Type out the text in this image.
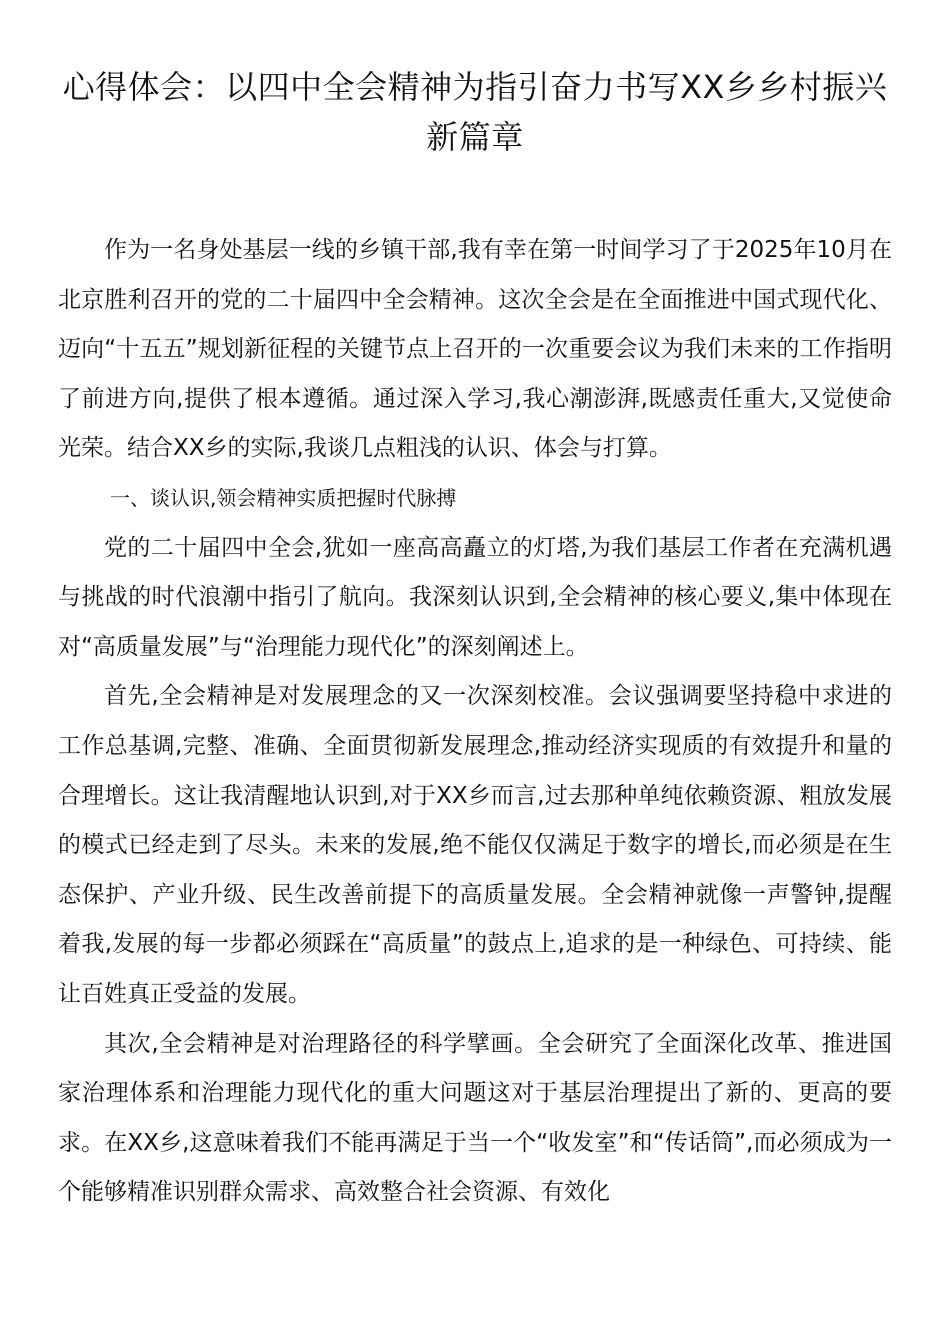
心得体会：以四中全会精神为指引奋力书写XX乡乡村振兴新篇章

作为一名身处基层一线的乡镇干部,我有幸在第一时间学习了于2025年10月在北京胜利召开的党的二十届四中全会精神。这次全会是在全面推进中国式现代化、迈向“十五五”规划新征程的关键节点上召开的一次重要会议为我们未来的工作指明了前进方向,提供了根本遵循。通过深入学习,我心潮澎湃,既感责任重大,又觉使命光荣。结合XX乡的实际,我谈几点粗浅的认识、体会与打算。

一、谈认识,领会精神实质把握时代脉搏

党的二十届四中全会,犹如一座高高矗立的灯塔,为我们基层工作者在充满机遇与挑战的时代浪潮中指引了航向。我深刻认识到,全会精神的核心要义,集中体现在对“高质量发展”与“治理能力现代化”的深刻阐述上。

首先,全会精神是对发展理念的又一次深刻校准。会议强调要坚持稳中求进的工作总基调,完整、准确、全面贯彻新发展理念,推动经济实现质的有效提升和量的合理增长。这让我清醒地认识到,对于XX乡而言,过去那种单纯依赖资源、粗放发展的模式已经走到了尽头。未来的发展,绝不能仅仅满足于数字的增长,而必须是在生态保护、产业升级、民生改善前提下的高质量发展。全会精神就像一声警钟,提醒着我,发展的每一步都必须踩在“高质量”的鼓点上,追求的是一种绿色、可持续、能让百姓真正受益的发展。

其次,全会精神是对治理路径的科学擘画。全会研究了全面深化改革、推进国家治理体系和治理能力现代化的重大问题这对于基层治理提出了新的、更高的要求。在XX乡,这意味着我们不能再满足于当一个“收发室”和“传话筒”,而必须成为一个能够精准识别群众需求、高效整合社会资源、有效化
